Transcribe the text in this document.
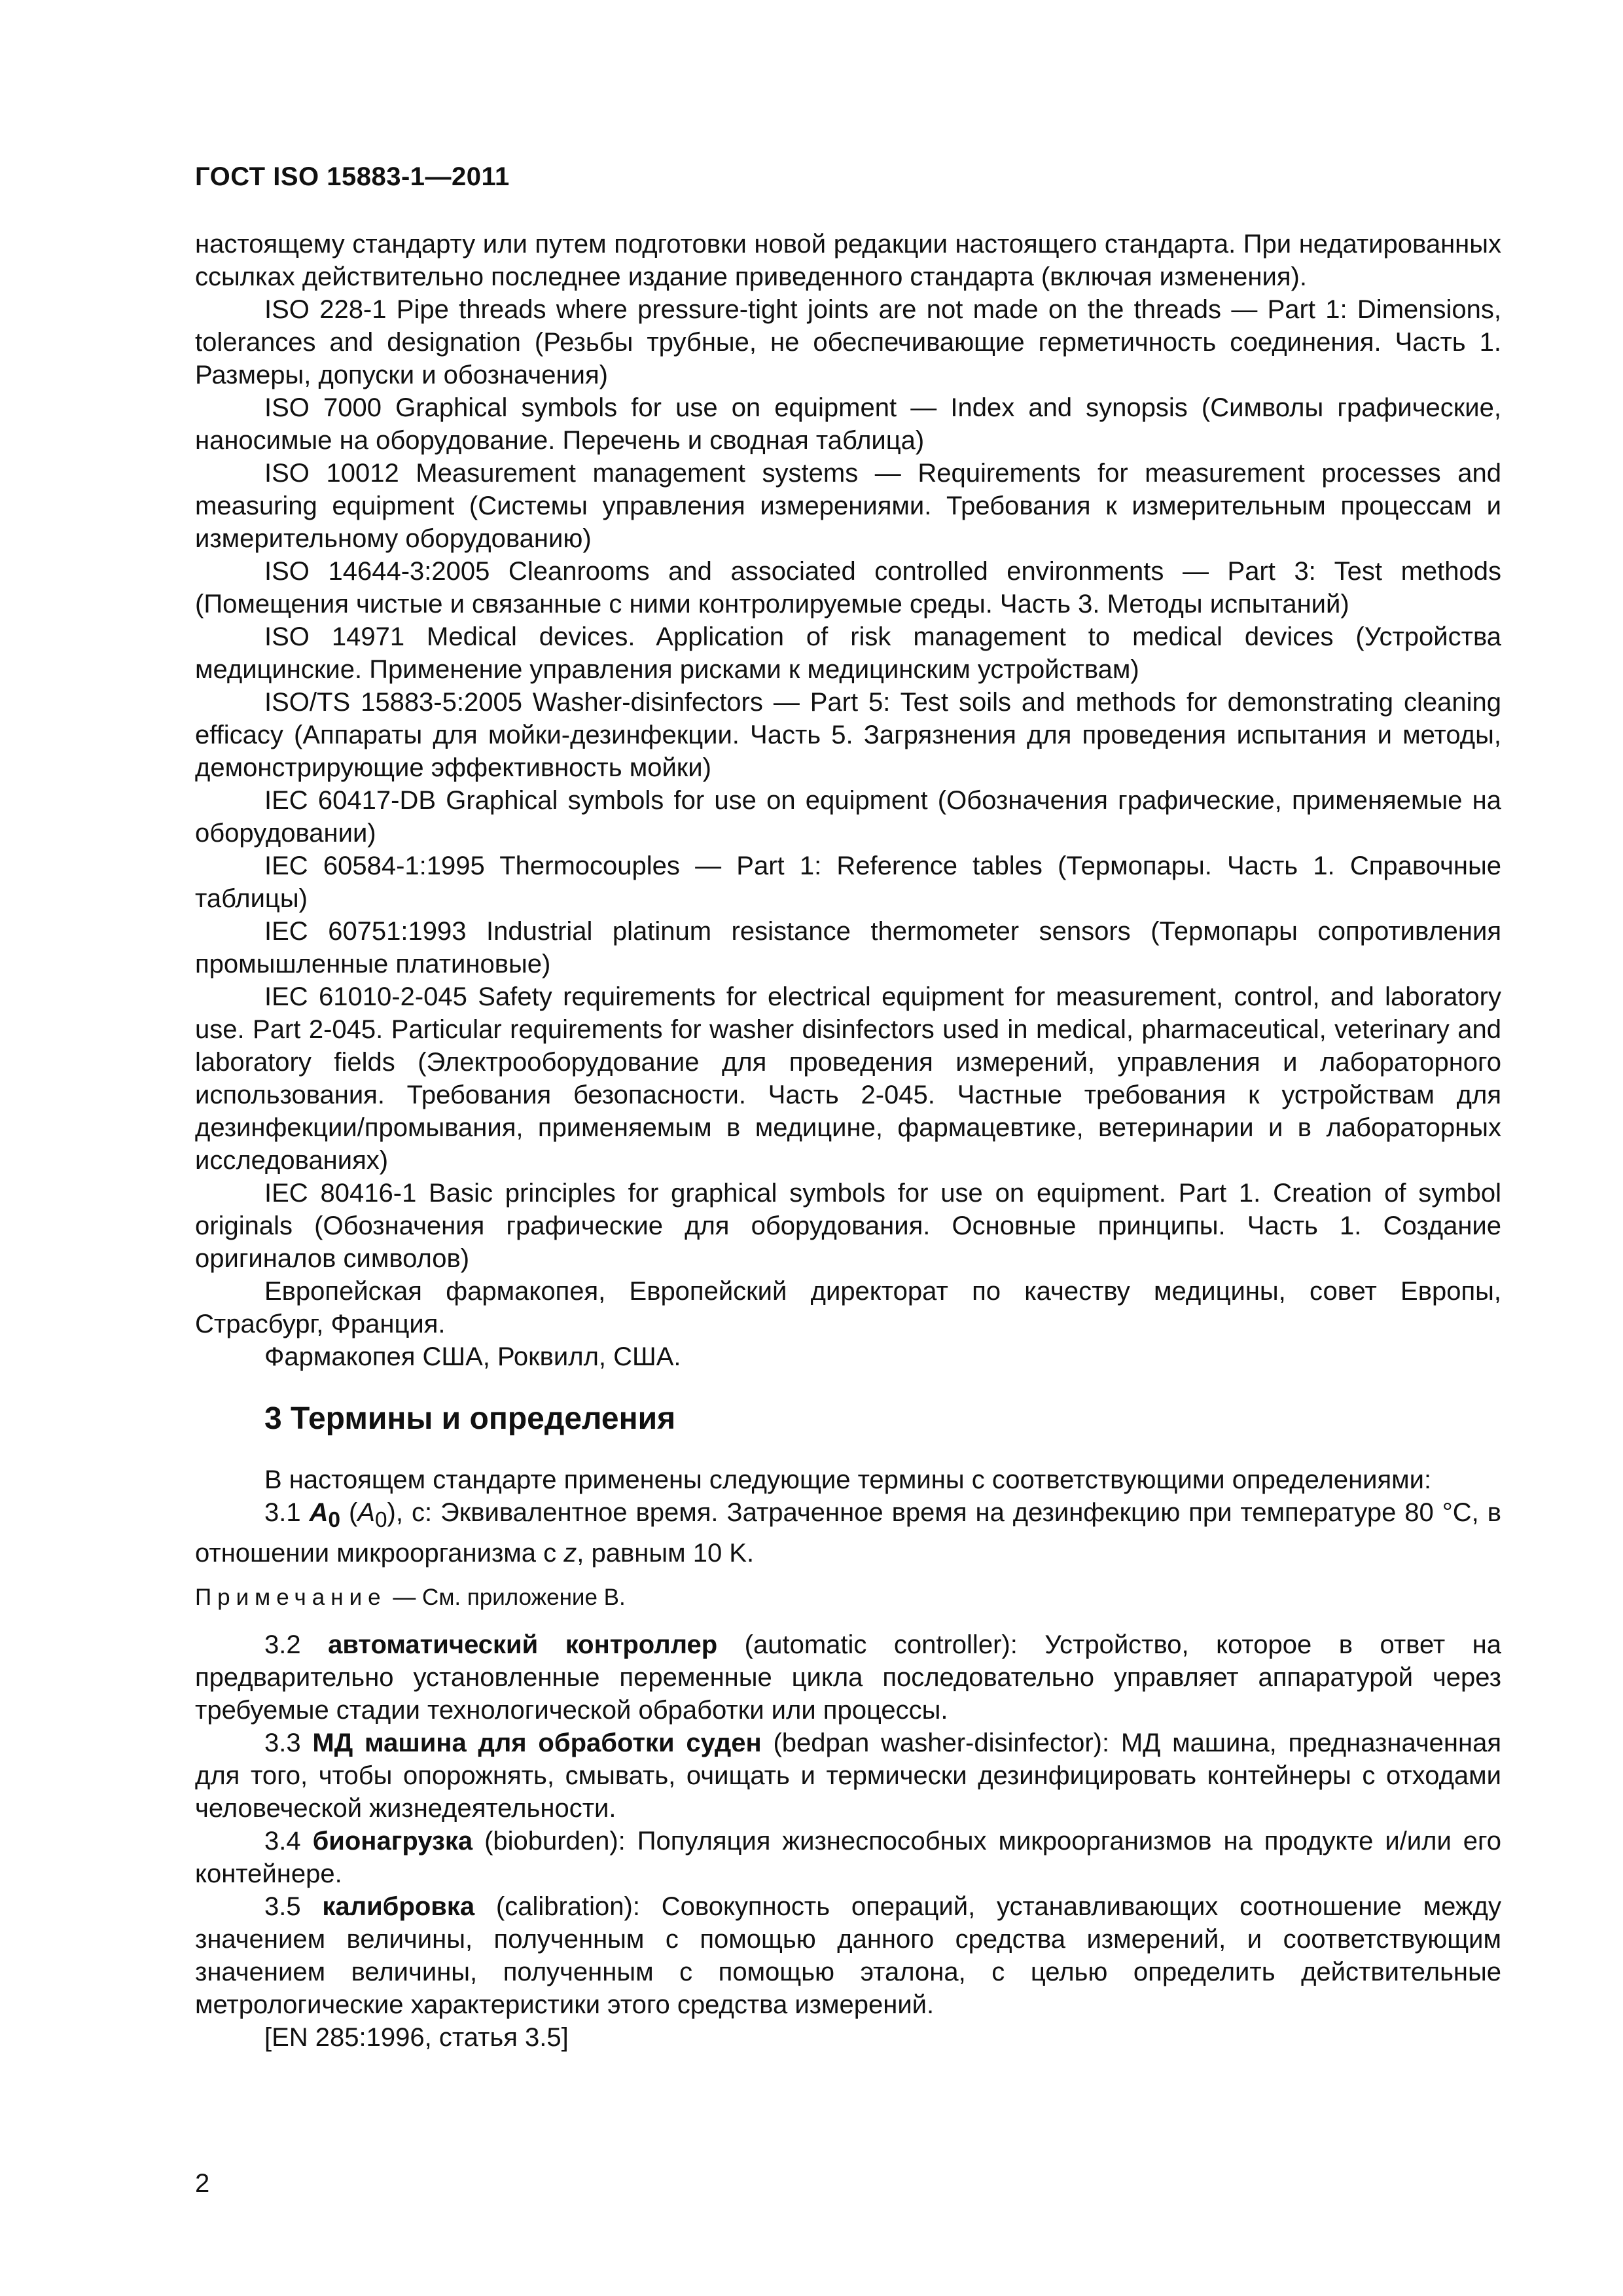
ГОСТ ISO 15883-1—2011

настоящему стандарту или путем подготовки новой редакции настоящего стандарта. При недатированных ссылках действительно последнее издание приведенного стандарта (включая изменения).

ISO 228-1 Pipe threads where pressure-tight joints are not made on the threads — Part 1: Dimensions, tolerances and designation (Резьбы трубные, не обеспечивающие герметичность соединения. Часть 1. Размеры, допуски и обозначения)

ISO 7000 Graphical symbols for use on equipment — Index and synopsis (Символы графические, наносимые на оборудование. Перечень и сводная таблица)

ISO 10012 Measurement management systems — Requirements for measurement processes and measuring equipment (Системы управления измерениями. Требования к измерительным процессам и измерительному оборудованию)

ISO 14644-3:2005 Cleanrooms and associated controlled environments — Part 3: Test methods (Помещения чистые и связанные с ними контролируемые среды. Часть 3. Методы испытаний)

ISO 14971 Medical devices. Application of risk management to medical devices (Устройства медицинские. Применение управления рисками к медицинским устройствам)

ISO/TS 15883-5:2005 Washer-disinfectors — Part 5: Test soils and methods for demonstrating cleaning efficacy (Аппараты для мойки-дезинфекции. Часть 5. Загрязнения для проведения испытания и методы, демонстрирующие эффективность мойки)

IEC 60417-DB Graphical symbols for use on equipment (Обозначения графические, применяемые на оборудовании)

IEC 60584-1:1995 Thermocouples — Part 1: Reference tables (Термопары. Часть 1. Справочные таблицы)

IEC 60751:1993 Industrial platinum resistance thermometer sensors (Термопары сопротивления промышленные платиновые)

IEC 61010-2-045 Safety requirements for electrical equipment for measurement, control, and laboratory use. Part 2-045. Particular requirements for washer disinfectors used in medical, pharmaceutical, veterinary and laboratory fields (Электрооборудование для проведения измерений, управления и лабораторного использования. Требования безопасности. Часть 2-045. Частные требования к устройствам для дезинфекции/промывания, применяемым в медицине, фармацевтике, ветеринарии и в лабораторных исследованиях)

IEC 80416-1 Basic principles for graphical symbols for use on equipment. Part 1. Creation of symbol originals (Обозначения графические для оборудования. Основные принципы. Часть 1. Создание оригиналов символов)

Европейская фармакопея, Европейский директорат по качеству медицины, совет Европы, Страсбург, Франция.

Фармакопея США, Роквилл, США.

3 Термины и определения

В настоящем стандарте применены следующие термины с соответствующими определениями:

3.1 $A_0$ $(A_0)$, c: Эквивалентное время. Затраченное время на дезинфекцию при температуре 80 °C, в отношении микроорганизма с z, равным 10 K.

Примечание — См. приложение В.

3.2 автоматический контроллер (automatic controller): Устройство, которое в ответ на предварительно установленные переменные цикла последовательно управляет аппаратурой через требуемые стадии технологической обработки или процессы.

3.3 МД машина для обработки суден (bedpan washer-disinfector): МД машина, предназначенная для того, чтобы опорожнять, смывать, очищать и термически дезинфицировать контейнеры с отходами человеческой жизнедеятельности.

3.4 бионагрузка (bioburden): Популяция жизнеспособных микроорганизмов на продукте и/или его контейнере.

3.5 калибровка (calibration): Совокупность операций, устанавливающих соотношение между значением величины, полученным с помощью данного средства измерений, и соответствующим значением величины, полученным с помощью эталона, с целью определить действительные метрологические характеристики этого средства измерений.

[EN 285:1996, статья 3.5]

2
